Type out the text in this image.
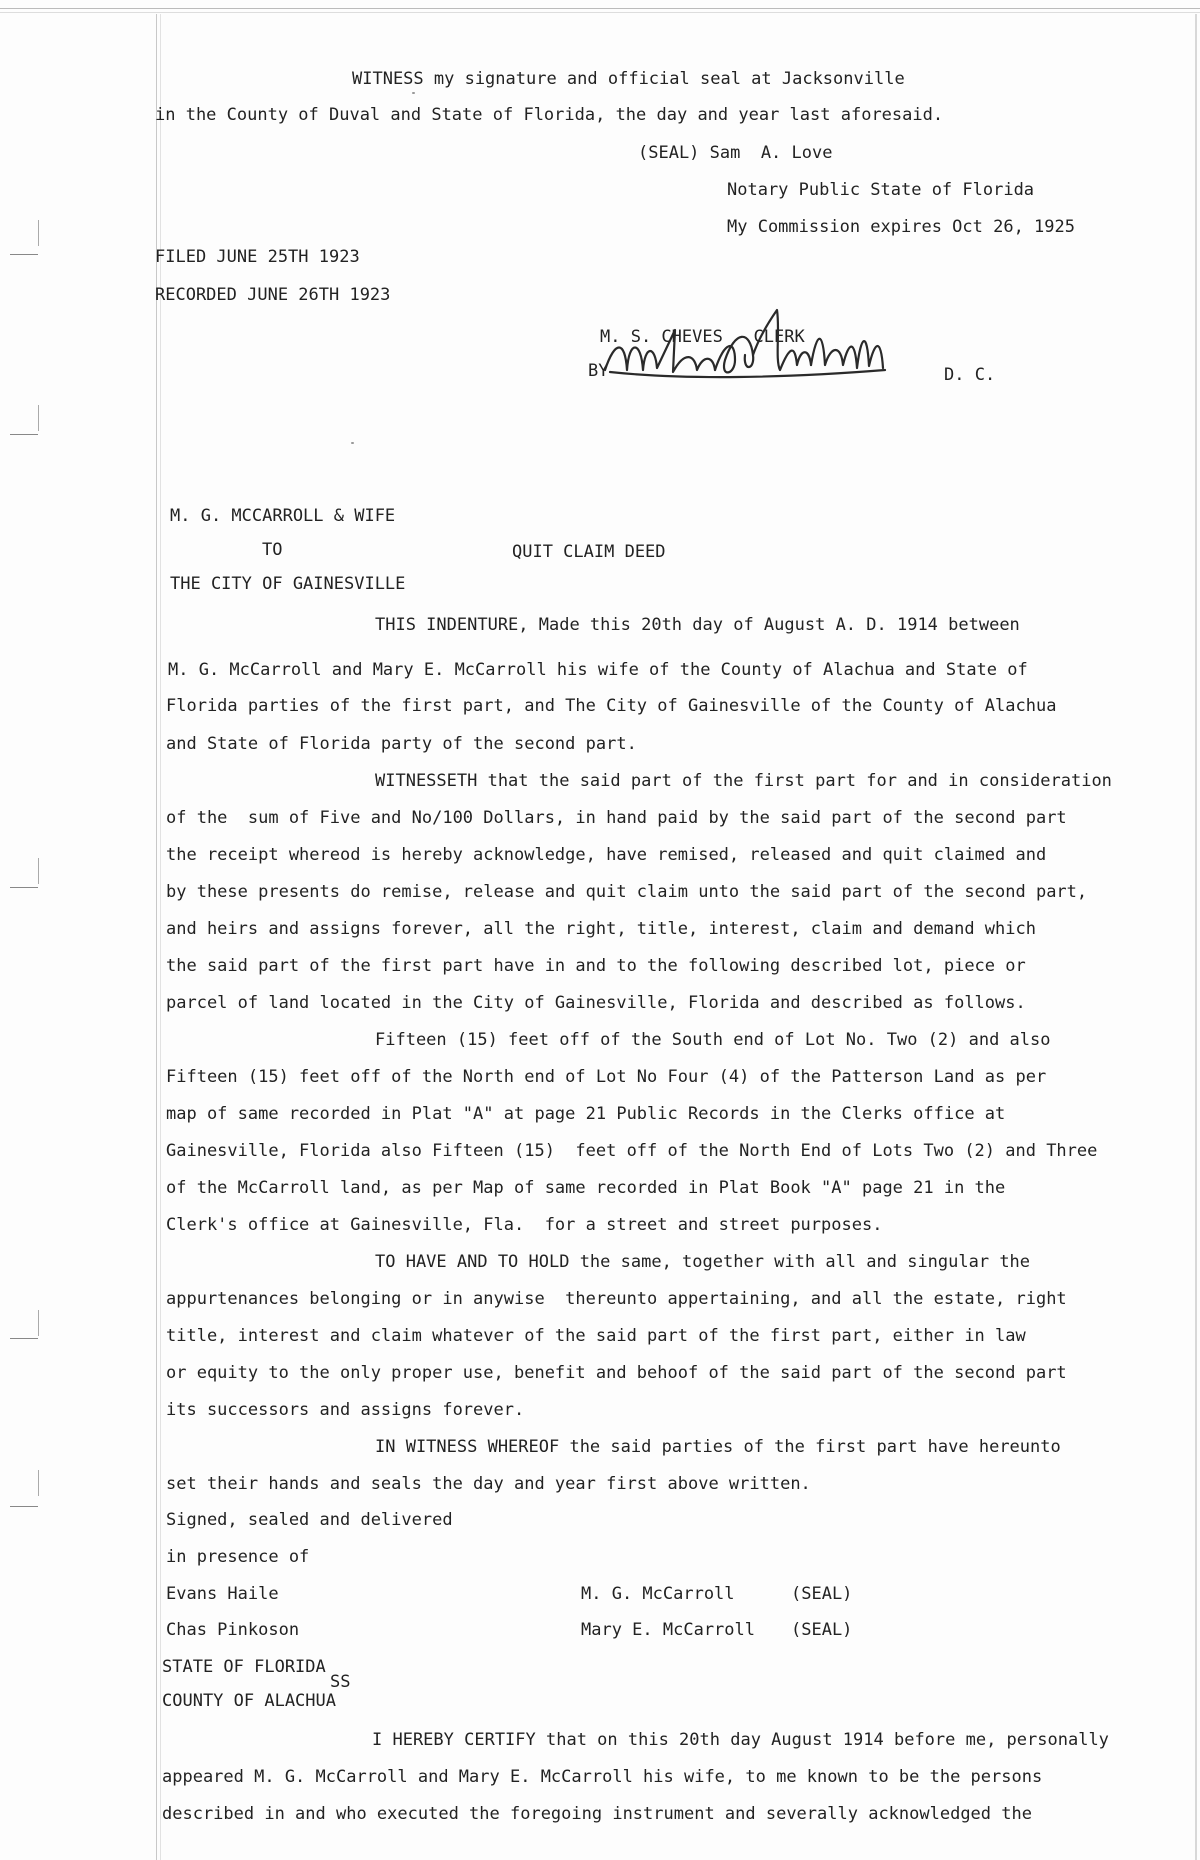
WITNESS my signature and official seal at Jacksonville
in the County of Duval and State of Florida, the day and year last aforesaid.
(SEAL) Sam  A. Love
Notary Public State of Florida
My Commission expires Oct 26, 1925
FILED JUNE 25TH 1923
RECORDED JUNE 26TH 1923
M. S. CHEVES   CLERK
BY	D. C.
M. G. MCCARROLL & WIFE
TO	QUIT CLAIM DEED
THE CITY OF GAINESVILLE
THIS INDENTURE, Made this 20th day of August A. D. 1914 between
M. G. McCarroll and Mary E. McCarroll his wife of the County of Alachua and State of
Florida parties of the first part, and The City of Gainesville of the County of Alachua
and State of Florida party of the second part.
WITNESSETH that the said part of the first part for and in consideration
of the  sum of Five and No/100 Dollars, in hand paid by the said part of the second part
the receipt whereod is hereby acknowledge, have remised, released and quit claimed and
by these presents do remise, release and quit claim unto the said part of the second part,
and heirs and assigns forever, all the right, title, interest, claim and demand which
the said part of the first part have in and to the following described lot, piece or
parcel of land located in the City of Gainesville, Florida and described as follows.
Fifteen (15) feet off of the South end of Lot No. Two (2) and also
Fifteen (15) feet off of the North end of Lot No Four (4) of the Patterson Land as per
map of same recorded in Plat "A" at page 21 Public Records in the Clerks office at
Gainesville, Florida also Fifteen (15)  feet off of the North End of Lots Two (2) and Three
of the McCarroll land, as per Map of same recorded in Plat Book "A" page 21 in the
Clerk's office at Gainesville, Fla.  for a street and street purposes.
TO HAVE AND TO HOLD the same, together with all and singular the
appurtenances belonging or in anywise  thereunto appertaining, and all the estate, right
title, interest and claim whatever of the said part of the first part, either in law
or equity to the only proper use, benefit and behoof of the said part of the second part
its successors and assigns forever.
IN WITNESS WHEREOF the said parties of the first part have hereunto
set their hands and seals the day and year first above written.
Signed, sealed and delivered
in presence of
Evans Haile	M. G. McCarroll	(SEAL)
Chas Pinkoson	Mary E. McCarroll (SEAL)
STATE OF FLORIDA
SS
COUNTY OF ALACHUA
I HEREBY CERTIFY that on this 20th day August 1914 before me, personally
appeared M. G. McCarroll and Mary E. McCarroll his wife, to me known to be the persons
described in and who executed the foregoing instrument and severally acknowledged the
